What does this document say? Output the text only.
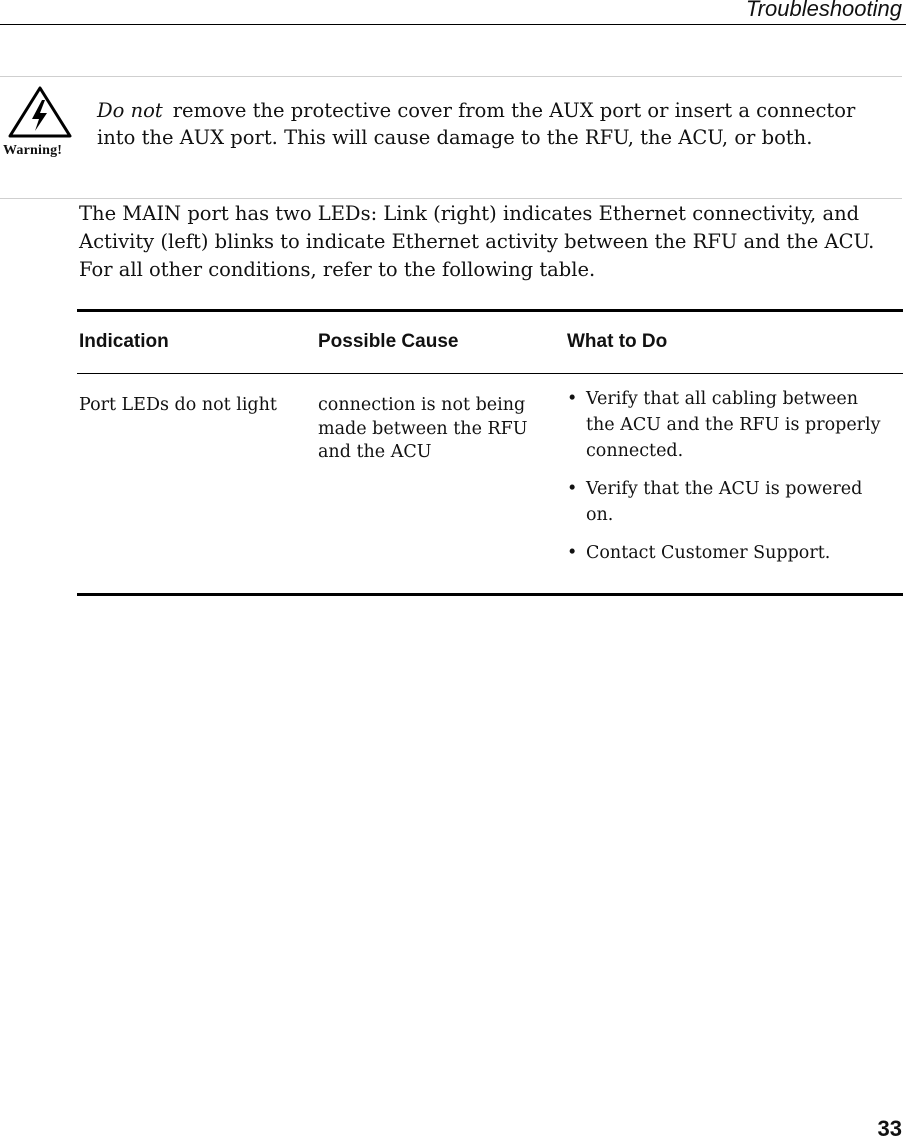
Troubleshooting
Warning!
Do not remove the protective cover from the AUX port or insert a connector into the AUX port. This will cause damage to the RFU, the ACU, or both.
The MAIN port has two LEDs: Link (right) indicates Ethernet connectivity, and
Activity (left) blinks to indicate Ethernet activity between the RFU and the ACU.
For all other conditions, refer to the following table.
Indication	Possible Cause	What to Do
Port LEDs do not light	connection is not being made between the RFU and the ACU
• Verify that all cabling between the ACU and the RFU is properly connected.
• Verify that the ACU is powered on.
• Contact Customer Support.
33
